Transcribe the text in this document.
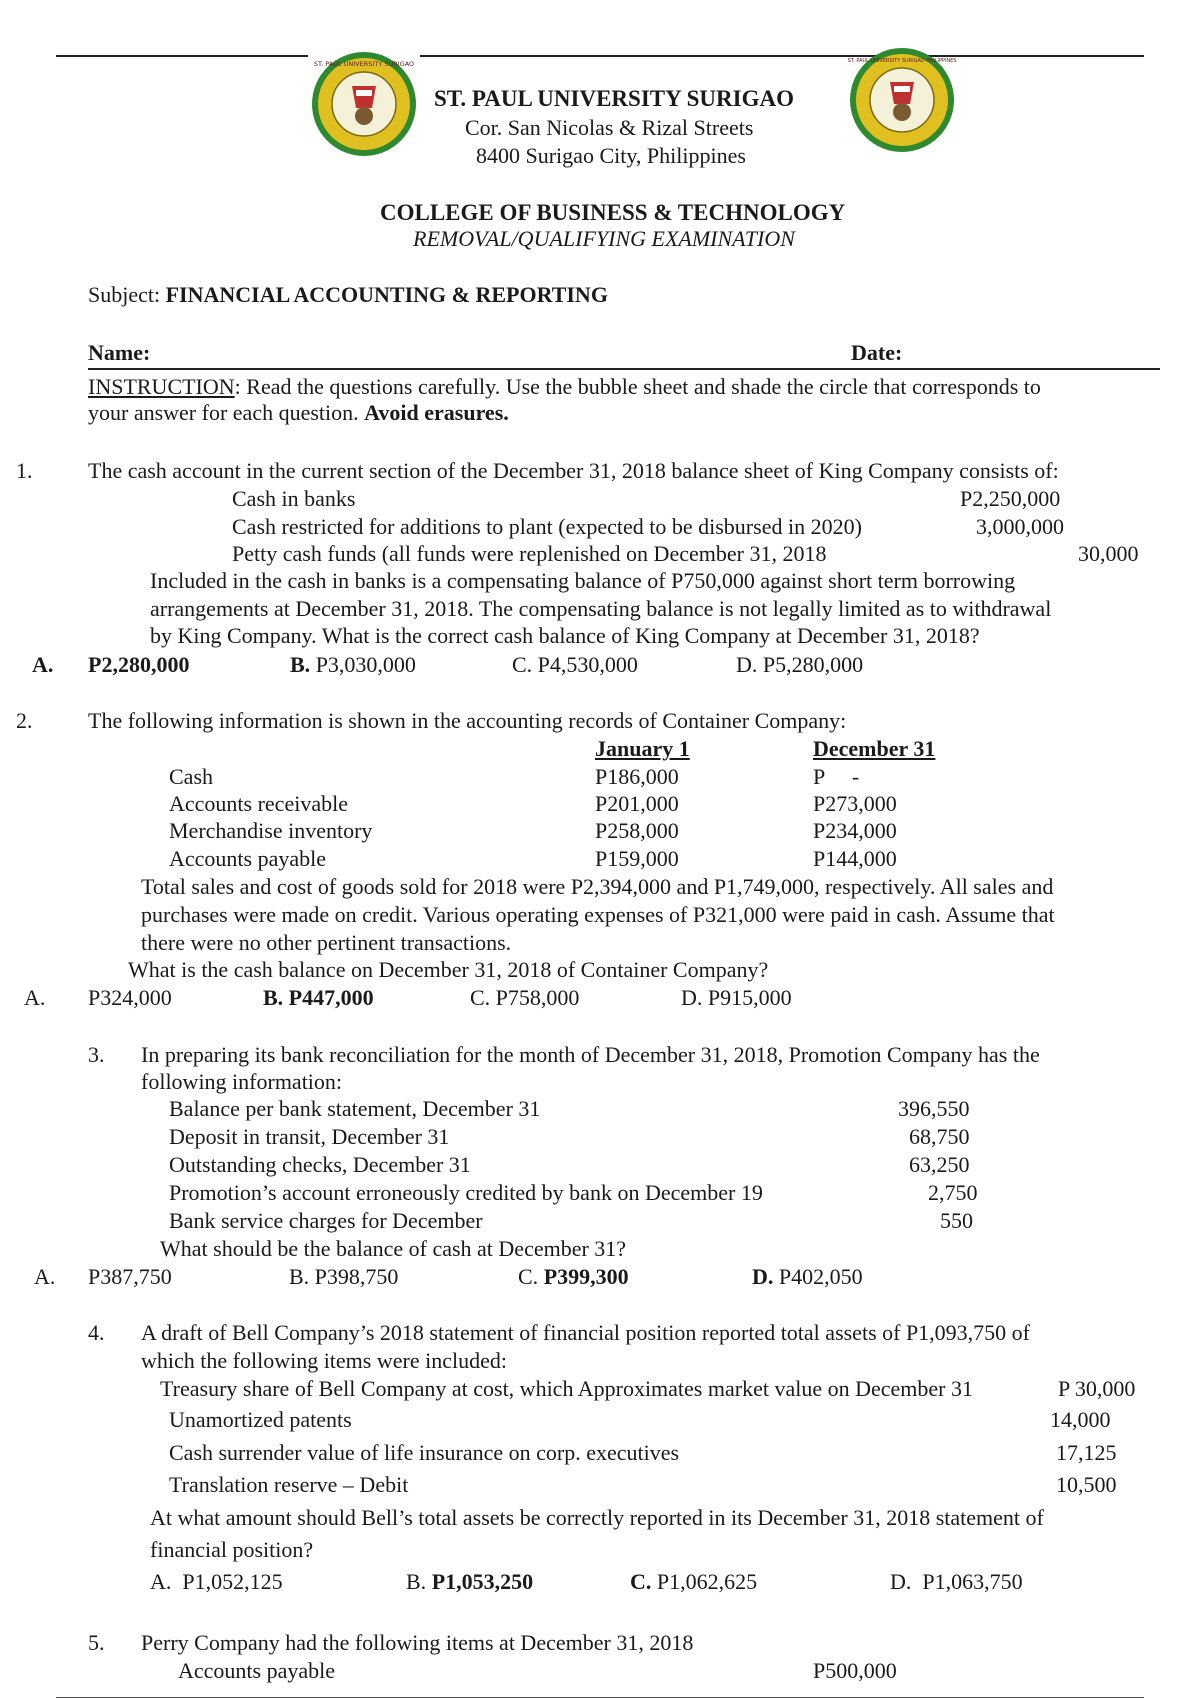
ST. PAUL UNIVERSITY SURIGAO	ST. PAUL UNIVERSITY SURIGAO PHILIPPINES
ST. PAUL UNIVERSITY SURIGAO
Cor. San Nicolas & Rizal Streets
8400 Surigao City, Philippines
COLLEGE OF BUSINESS & TECHNOLOGY
REMOVAL/QUALIFYING EXAMINATION
Subject: FINANCIAL ACCOUNTING & REPORTING
Name:	Date:
INSTRUCTION: Read the questions carefully. Use the bubble sheet and shade the circle that corresponds to
your answer for each question. Avoid erasures.
1.	The cash account in the current section of the December 31, 2018 balance sheet of King Company consists of:
Cash in banks	P2,250,000
Cash restricted for additions to plant (expected to be disbursed in 2020)	3,000,000
Petty cash funds (all funds were replenished on December 31, 2018	30,000
Included in the cash in banks is a compensating balance of P750,000 against short term borrowing
arrangements at December 31, 2018. The compensating balance is not legally limited as to withdrawal
by King Company. What is the correct cash balance of King Company at December 31, 2018?
A. P2,280,000	B. P3,030,000	C. P4,530,000	D. P5,280,000
2.	The following information is shown in the accounting records of Container Company:
January 1	December 31
Cash	P186,000	P     -
Accounts receivable	P201,000	P273,000
Merchandise inventory	P258,000	P234,000
Accounts payable	P159,000	P144,000
Total sales and cost of goods sold for 2018 were P2,394,000 and P1,749,000, respectively. All sales and
purchases were made on credit. Various operating expenses of P321,000 were paid in cash. Assume that
there were no other pertinent transactions.
What is the cash balance on December 31, 2018 of Container Company?
A. P324,000	B. P447,000	C. P758,000	D. P915,000
3. In preparing its bank reconciliation for the month of December 31, 2018, Promotion Company has the
following information:
Balance per bank statement, December 31	396,550
Deposit in transit, December 31	68,750
Outstanding checks, December 31	63,250
Promotion’s account erroneously credited by bank on December 19	2,750
Bank service charges for December	550
What should be the balance of cash at December 31?
A. P387,750	B. P398,750	C. P399,300	D. P402,050
4. A draft of Bell Company’s 2018 statement of financial position reported total assets of P1,093,750 of
which the following items were included:
Treasury share of Bell Company at cost, which Approximates market value on December 31	P 30,000
Unamortized patents	14,000
Cash surrender value of life insurance on corp. executives	17,125
Translation reserve – Debit	10,500
At what amount should Bell’s total assets be correctly reported in its December 31, 2018 statement of
financial position?
A.  P1,052,125	B. P1,053,250	C. P1,062,625	D.  P1,063,750
5. Perry Company had the following items at December 31, 2018
Accounts payable	P500,000
